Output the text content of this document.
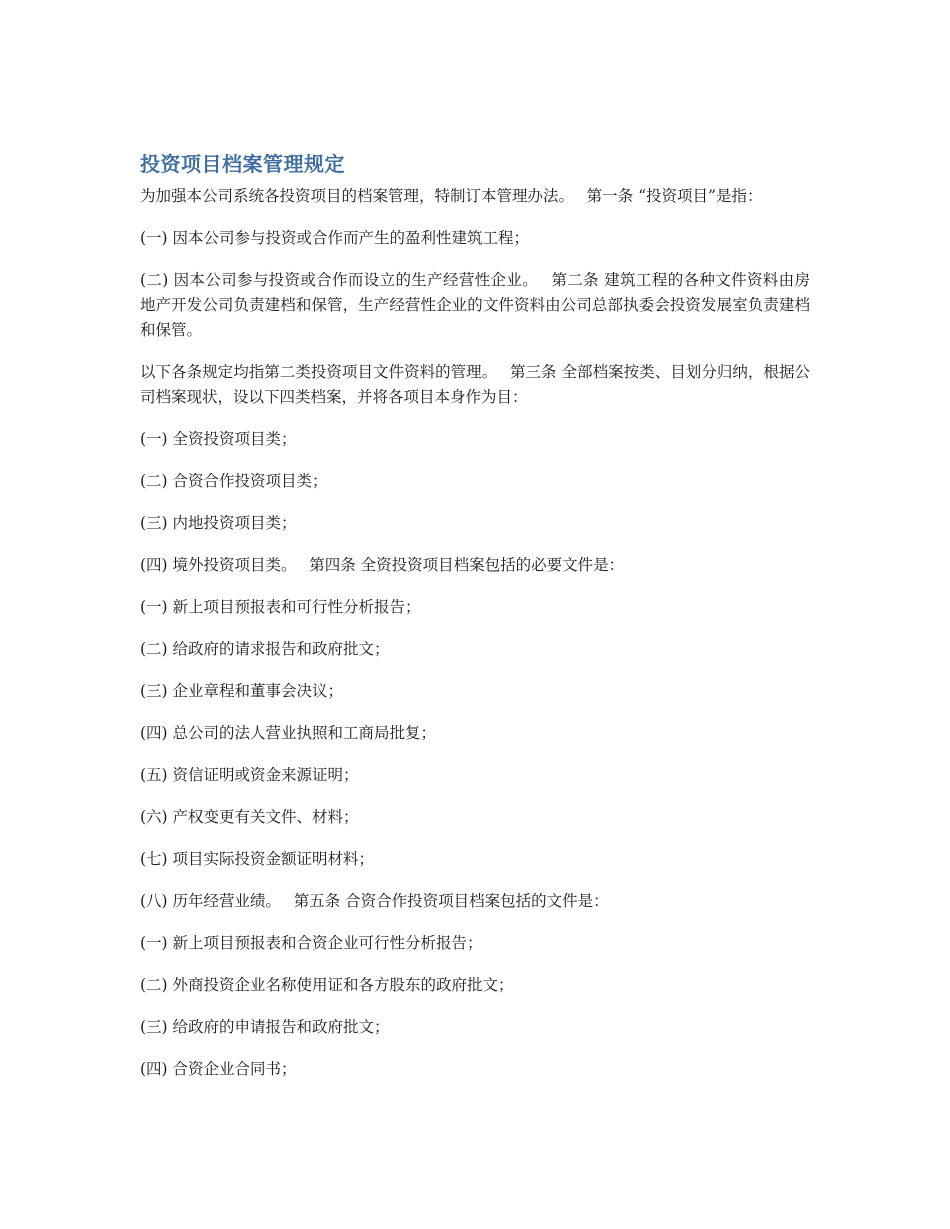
投资项目档案管理规定

为加强本公司系统各投资项目的档案管理，特制订本管理办法。　 第一条 “投资项目”是指：

(一) 因本公司参与投资或合作而产生的盈利性建筑工程；

(二) 因本公司参与投资或合作而设立的生产经营性企业。　 第二条 建筑工程的各种文件资料由房地产开发公司负责建档和保管，生产经营性企业的文件资料由公司总部执委会投资发展室负责建档和保管。

以下各条规定均指第二类投资项目文件资料的管理。　 第三条 全部档案按类、目划分归纳，根据公司档案现状，设以下四类档案，并将各项目本身作为目：

(一) 全资投资项目类；

(二) 合资合作投资项目类；

(三) 内地投资项目类；

(四) 境外投资项目类。　 第四条 全资投资项目档案包括的必要文件是：

(一) 新上项目预报表和可行性分析报告；

(二) 给政府的请求报告和政府批文；

(三) 企业章程和董事会决议；

(四) 总公司的法人营业执照和工商局批复；

(五) 资信证明或资金来源证明；

(六) 产权变更有关文件、材料；

(七) 项目实际投资金额证明材料；

(八) 历年经营业绩。　 第五条 合资合作投资项目档案包括的文件是：

(一) 新上项目预报表和合资企业可行性分析报告；

(二) 外商投资企业名称使用证和各方股东的政府批文；

(三) 给政府的申请报告和政府批文；

(四) 合资企业合同书；
